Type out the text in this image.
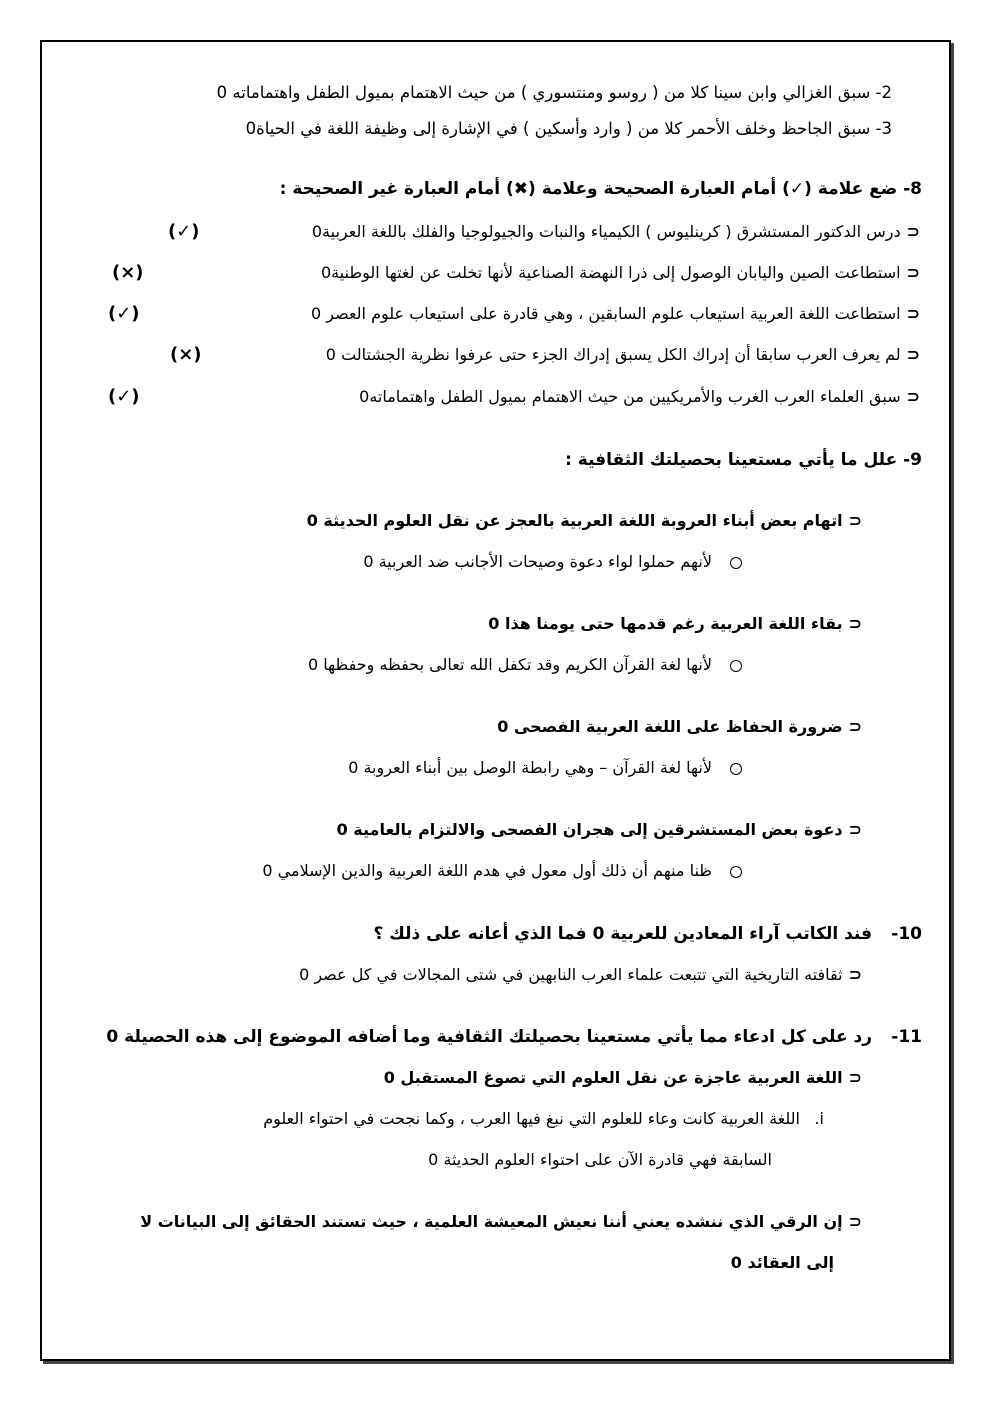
2- سبق الغزالي وابن سينا كلا من ( روسو ومنتسوري ) من حيث الاهتمام بميول الطفل واهتماماته 0
3- سبق الجاحظ وخلف الأحمر كلا من ( وارد وأسكين ) في الإشارة إلى وظيفة اللغة في الحياة0
8- ضع علامة (✓) أمام العبارة الصحيحة وعلامة (✖) أمام العبارة غير الصحيحة :
⊂درس الدكتور المستشرق ( كرينليوس ) الكيمياء والنبات والجيولوجيا والفلك باللغة العربية0
(✓)
⊂استطاعت الصين واليابان الوصول إلى ذرا النهضة الصناعية لأنها تخلت عن لغتها الوطنية0
(×)
⊂استطاعت اللغة العربية استيعاب علوم السابقين ، وهي قادرة على استيعاب علوم العصر 0
(✓)
⊂لم يعرف العرب سابقا أن إدراك الكل يسبق إدراك الجزء حتى عرفوا نظرية الجشتالت 0
(×)
⊂سبق العلماء العرب الغرب والأمريكيين من حيث الاهتمام بميول الطفل واهتماماته0
(✓)
9- علل ما يأتي مستعينا بحصيلتك الثقافية :
⊂اتهام بعض أبناء العروبة اللغة العربية بالعجز عن نقل العلوم الحديثة 0
لأنهم حملوا لواء دعوة وصيحات الأجانب ضد العربية 0
⊂بقاء اللغة العربية رغم قدمها حتى يومنا هذا 0
لأنها لغة القرآن الكريم وقد تكفل الله تعالى بحفظه وحفظها 0
⊂ضرورة الحفاظ على اللغة العربية الفصحى 0
لأنها لغة القرآن – وهي رابطة الوصل بين أبناء العروبة 0
⊂دعوة بعض المستشرقين إلى هجران الفصحى والالتزام بالعامية 0
ظنا منهم أن ذلك أول معول في هدم اللغة العربية والدين الإسلامي 0
10-
فند الكاتب آراء المعادين للعربية 0 فما الذي أعانه على ذلك ؟
⊂ثقافته التاريخية التي تتبعت علماء العرب النابهين في شتى المجالات في كل عصر 0
11-
رد على كل ادعاء مما يأتي مستعينا بحصيلتك الثقافية وما أضافه الموضوع إلى هذه الحصيلة 0
⊂اللغة العربية عاجزة عن نقل العلوم التي تصوغ المستقبل 0
i.
اللغة العربية كانت وعاء للعلوم التي نبغ فيها العرب ، وكما نجحت في احتواء العلوم
السابقة فهي قادرة الآن على احتواء العلوم الحديثة 0
⊂إن الرقي الذي ننشده يعني أننا نعيش المعيشة العلمية ، حيث تستند الحقائق إلى البيانات لا
إلى العقائد 0
